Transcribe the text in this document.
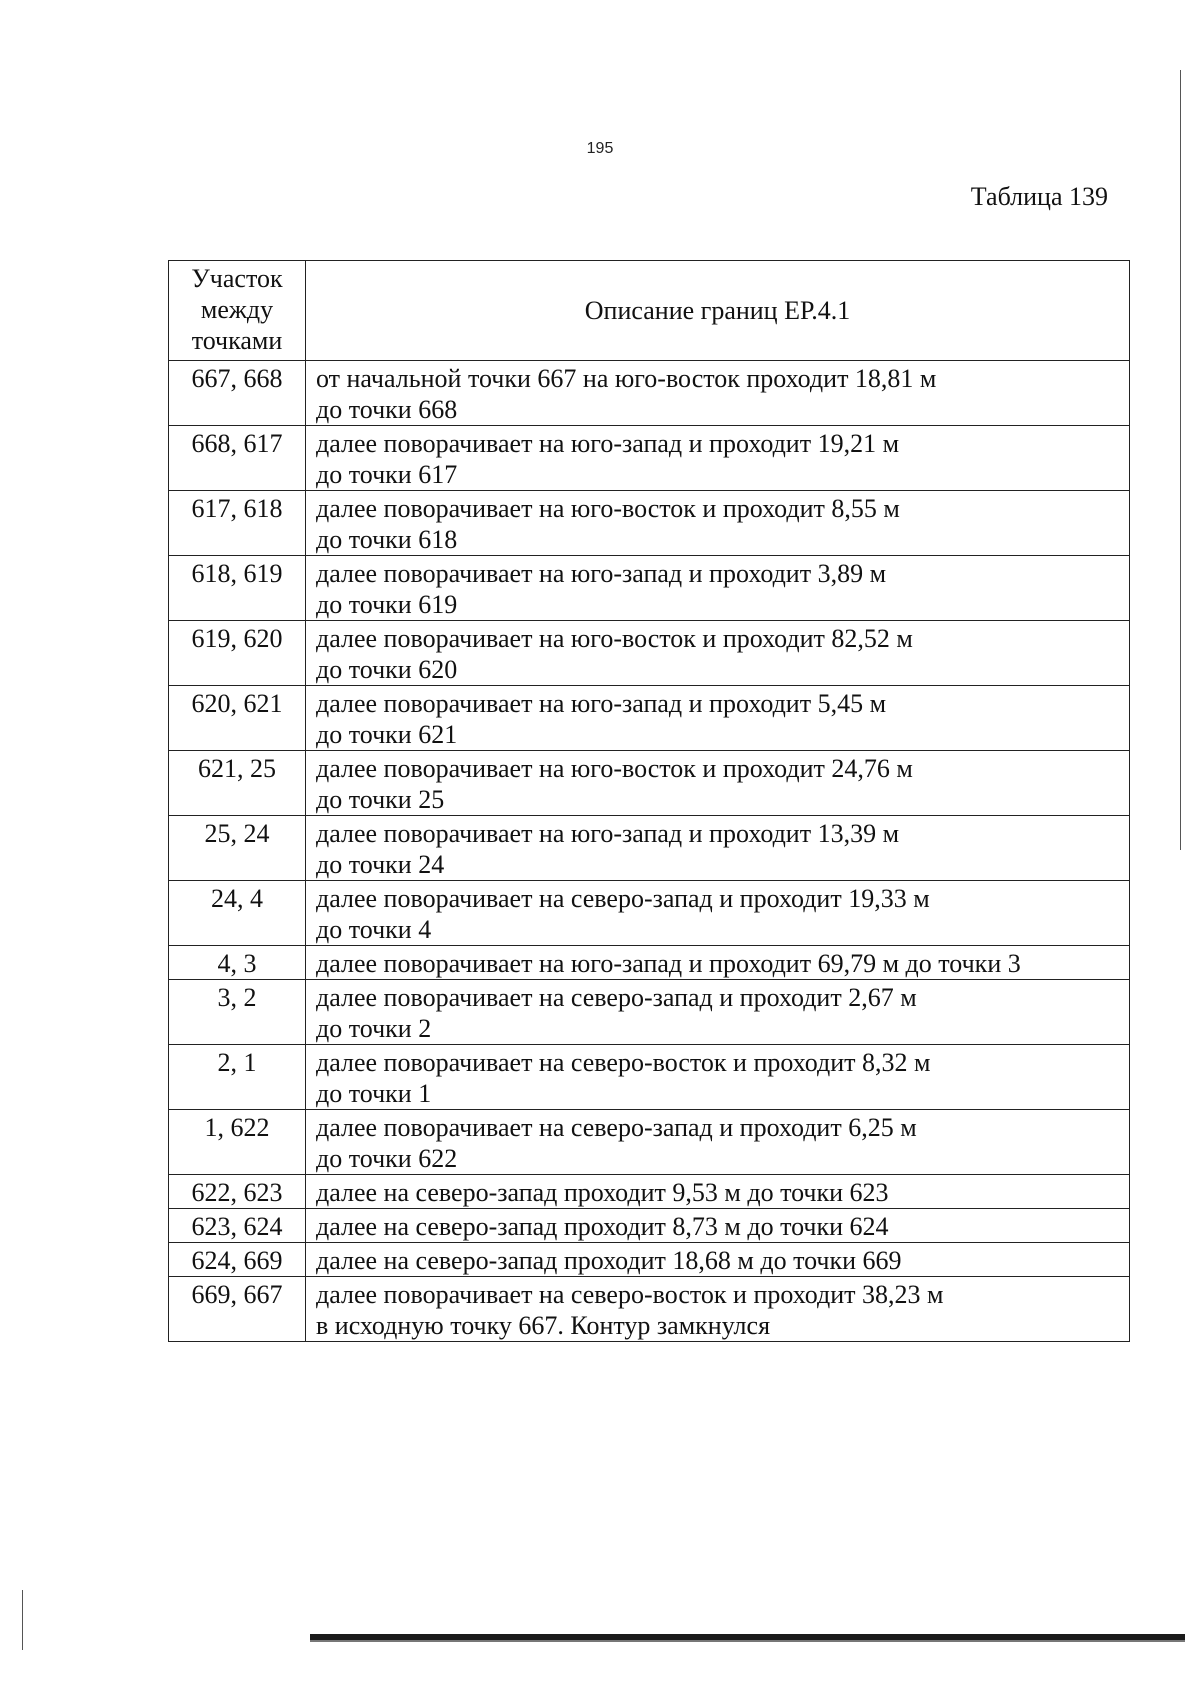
195
Таблица 139
Участок
между
точками	Описание границ ЕР.4.1
667, 668	от начальной точки 667 на юго-восток проходит 18,81 м
до точки 668
668, 617	далее поворачивает на юго-запад и проходит 19,21 м
до точки 617
617, 618	далее поворачивает на юго-восток и проходит 8,55 м
до точки 618
618, 619	далее поворачивает на юго-запад и проходит 3,89 м
до точки 619
619, 620	далее поворачивает на юго-восток и проходит 82,52 м
до точки 620
620, 621	далее поворачивает на юго-запад и проходит 5,45 м
до точки 621
621, 25	далее поворачивает на юго-восток и проходит 24,76 м
до точки 25
25, 24	далее поворачивает на юго-запад и проходит 13,39 м
до точки 24
24, 4	далее поворачивает на северо-запад и проходит 19,33 м
до точки 4
4, 3	далее поворачивает на юго-запад и проходит 69,79 м до точки 3
3, 2	далее поворачивает на северо-запад и проходит 2,67 м
до точки 2
2, 1	далее поворачивает на северо-восток и проходит 8,32 м
до точки 1
1, 622	далее поворачивает на северо-запад и проходит 6,25 м
до точки 622
622, 623	далее на северо-запад проходит 9,53 м до точки 623
623, 624	далее на северо-запад проходит 8,73 м до точки 624
624, 669	далее на северо-запад проходит 18,68 м до точки 669
669, 667	далее поворачивает на северо-восток и проходит 38,23 м
в исходную точку 667. Контур замкнулся
